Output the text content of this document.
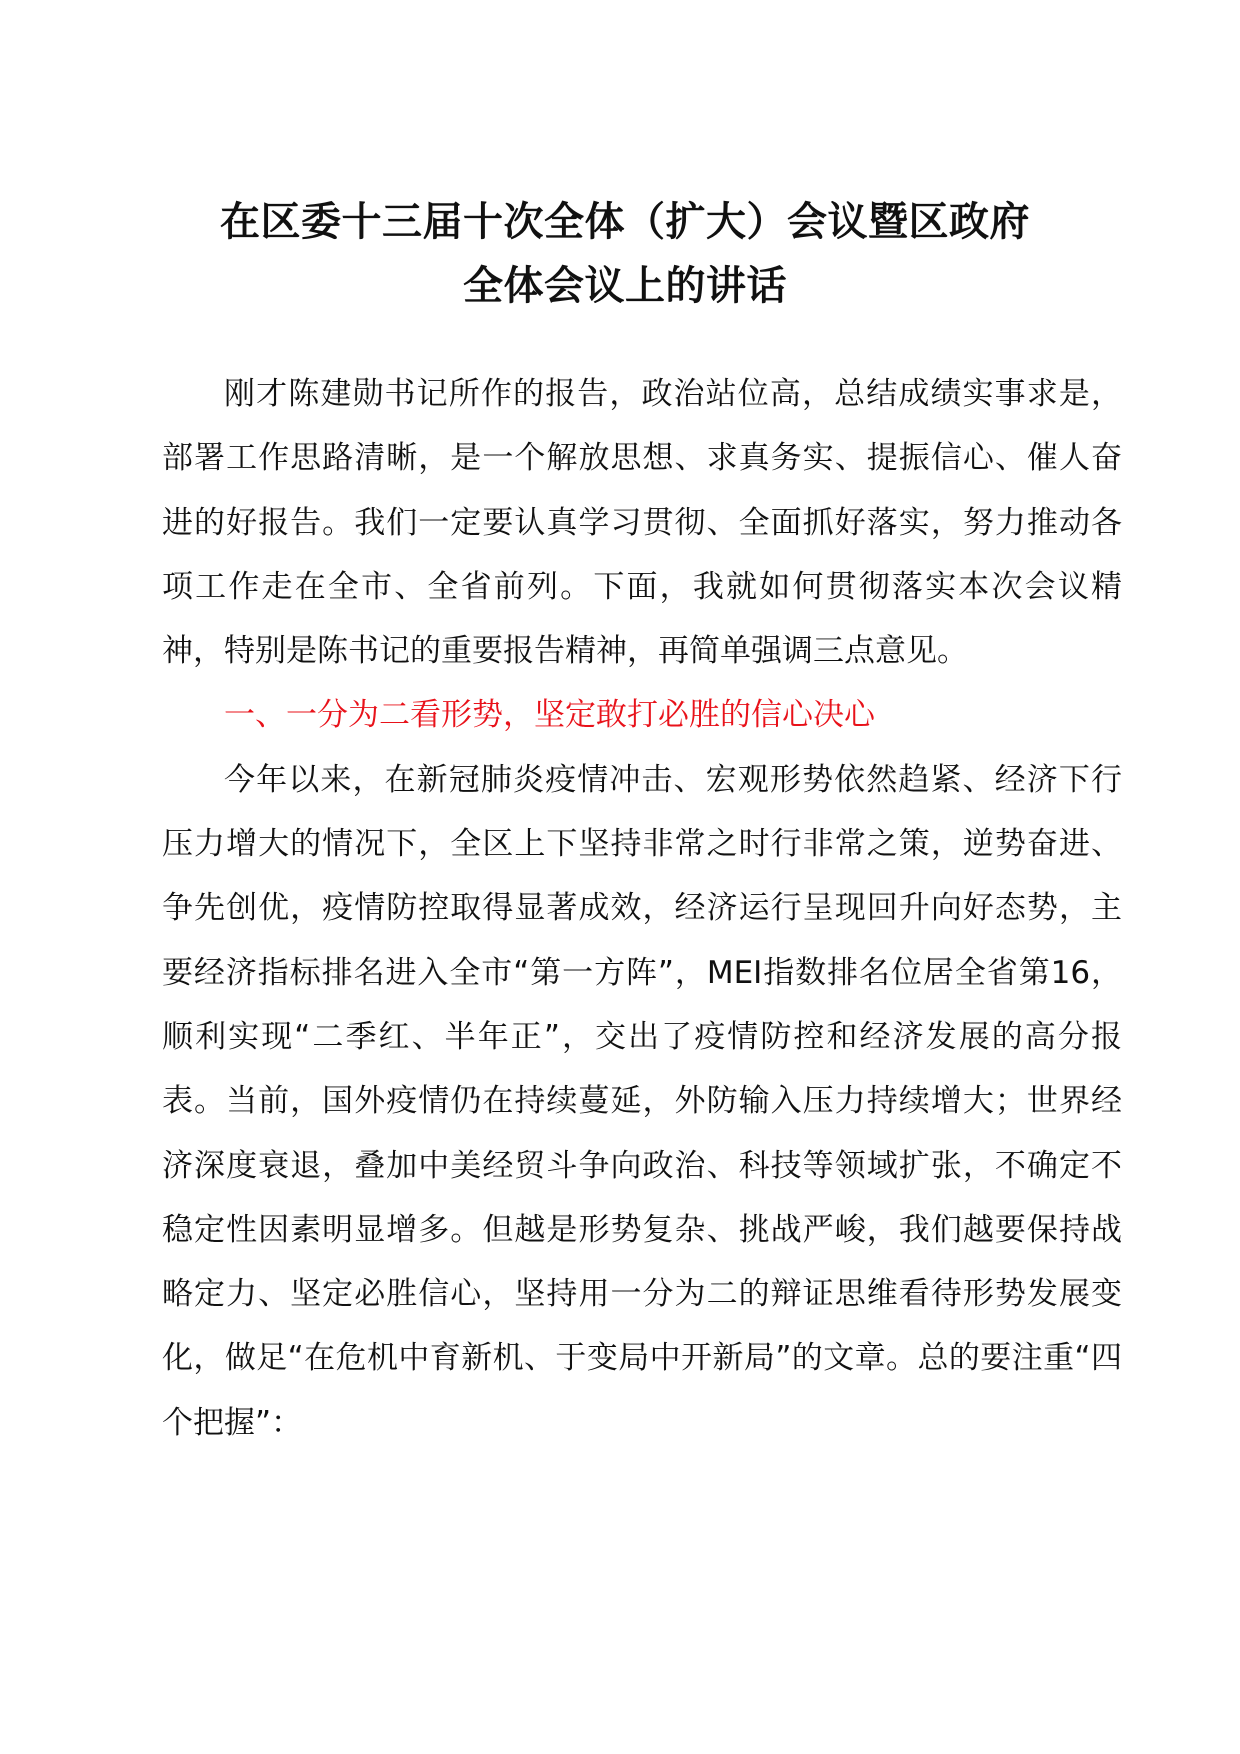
在区委十三届十次全体（扩大）会议暨区政府
全体会议上的讲话

刚才陈建勋书记所作的报告，政治站位高，总结成绩实事求是，部署工作思路清晰，是一个解放思想、求真务实、提振信心、催人奋进的好报告。我们一定要认真学习贯彻、全面抓好落实，努力推动各项工作走在全市、全省前列。下面，我就如何贯彻落实本次会议精神，特别是陈书记的重要报告精神，再简单强调三点意见。

一、一分为二看形势，坚定敢打必胜的信心决心

今年以来，在新冠肺炎疫情冲击、宏观形势依然趋紧、经济下行压力增大的情况下，全区上下坚持非常之时行非常之策，逆势奋进、争先创优，疫情防控取得显著成效，经济运行呈现回升向好态势，主要经济指标排名进入全市“第一方阵”，MEI指数排名位居全省第16，顺利实现“二季红、半年正”，交出了疫情防控和经济发展的高分报表。当前，国外疫情仍在持续蔓延，外防输入压力持续增大；世界经济深度衰退，叠加中美经贸斗争向政治、科技等领域扩张，不确定不稳定性因素明显增多。但越是形势复杂、挑战严峻，我们越要保持战略定力、坚定必胜信心，坚持用一分为二的辩证思维看待形势发展变化，做足“在危机中育新机、于变局中开新局”的文章。总的要注重“四个把握”：
